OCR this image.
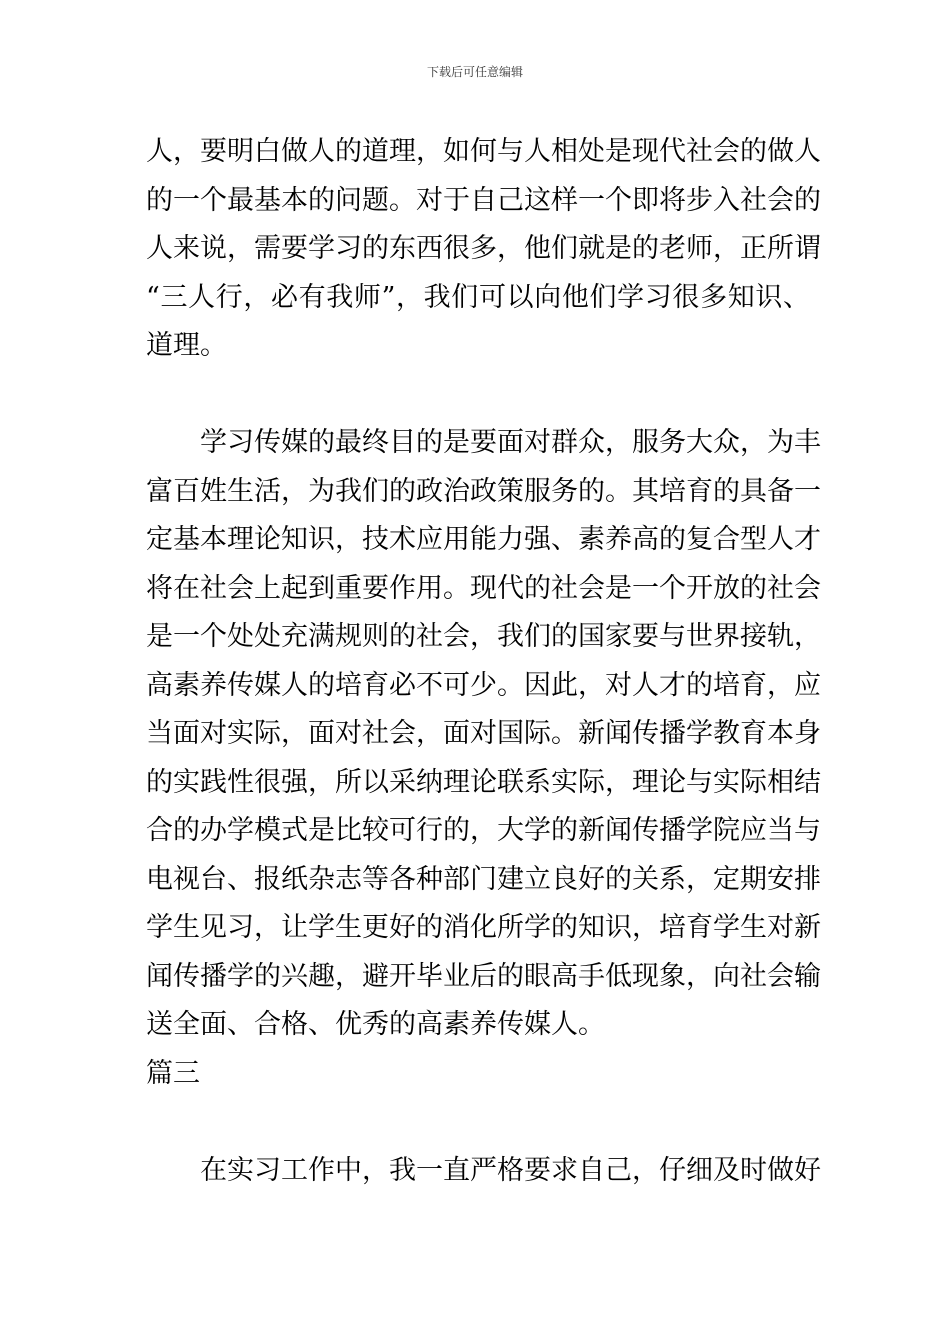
下载后可任意编辑
人，要明白做人的道理，如何与人相处是现代社会的做人
的一个最基本的问题。对于自己这样一个即将步入社会的
人来说，需要学习的东西很多，他们就是的老师，正所谓
“三人行，必有我师”，我们可以向他们学习很多知识、
道理。
学习传媒的最终目的是要面对群众，服务大众，为丰
富百姓生活，为我们的政治政策服务的。其培育的具备一
定基本理论知识，技术应用能力强、素养高的复合型人才
将在社会上起到重要作用。现代的社会是一个开放的社会
是一个处处充满规则的社会，我们的国家要与世界接轨，
高素养传媒人的培育必不可少。因此，对人才的培育，应
当面对实际，面对社会，面对国际。新闻传播学教育本身
的实践性很强，所以采纳理论联系实际，理论与实际相结
合的办学模式是比较可行的，大学的新闻传播学院应当与
电视台、报纸杂志等各种部门建立良好的关系，定期安排
学生见习，让学生更好的消化所学的知识，培育学生对新
闻传播学的兴趣，避开毕业后的眼高手低现象，向社会输
送全面、合格、优秀的高素养传媒人。
篇三
在实习工作中，我一直严格要求自己，仔细及时做好
